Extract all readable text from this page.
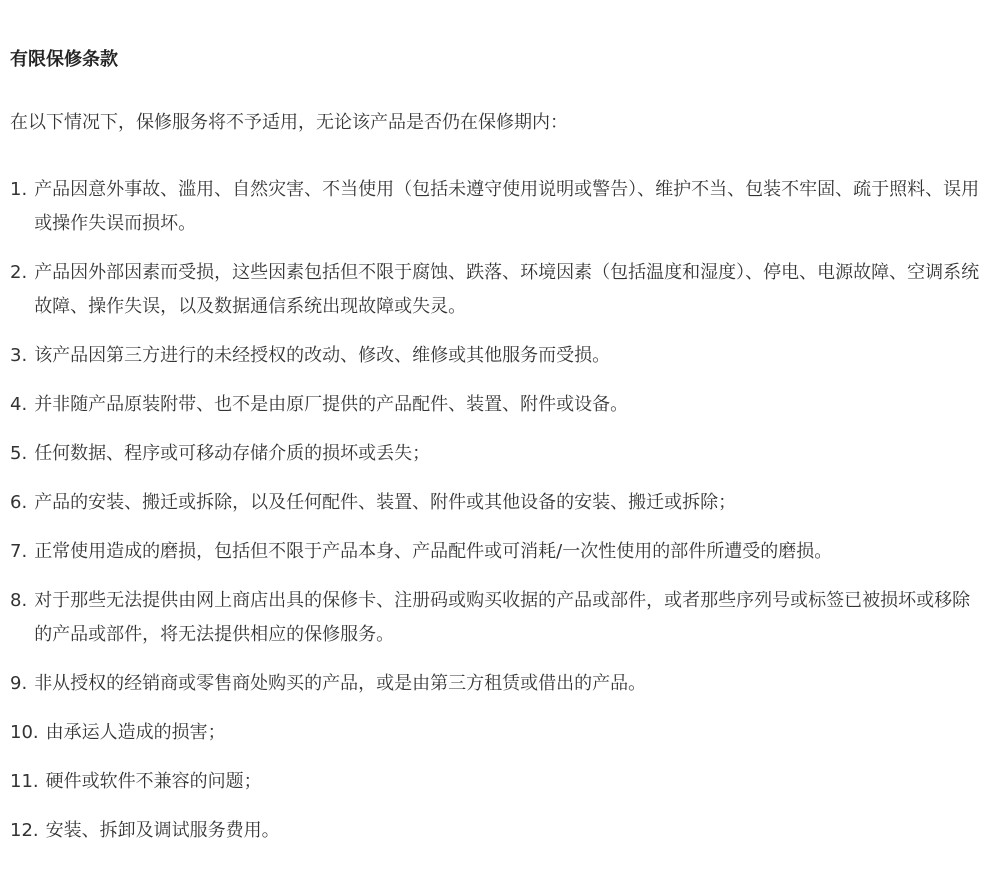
有限保修条款

在以下情况下，保修服务将不予适用，无论该产品是否仍在保修期内：

1. 产品因意外事故、滥用、自然灾害、不当使用（包括未遵守使用说明或警告）、维护不当、包装不牢固、疏于照料、误用或操作失误而损坏。
2. 产品因外部因素而受损，这些因素包括但不限于腐蚀、跌落、环境因素（包括温度和湿度）、停电、电源故障、空调系统故障、操作失误，以及数据通信系统出现故障或失灵。
3. 该产品因第三方进行的未经授权的改动、修改、维修或其他服务而受损。
4. 并非随产品原装附带、也不是由原厂提供的产品配件、装置、附件或设备。
5. 任何数据、程序或可移动存储介质的损坏或丢失；
6. 产品的安装、搬迁或拆除，以及任何配件、装置、附件或其他设备的安装、搬迁或拆除；
7. 正常使用造成的磨损，包括但不限于产品本身、产品配件或可消耗/一次性使用的部件所遭受的磨损。
8. 对于那些无法提供由网上商店出具的保修卡、注册码或购买收据的产品或部件，或者那些序列号或标签已被损坏或移除的产品或部件，将无法提供相应的保修服务。
9. 非从授权的经销商或零售商处购买的产品，或是由第三方租赁或借出的产品。
10. 由承运人造成的损害；
11. 硬件或软件不兼容的问题；
12. 安装、拆卸及调试服务费用。
